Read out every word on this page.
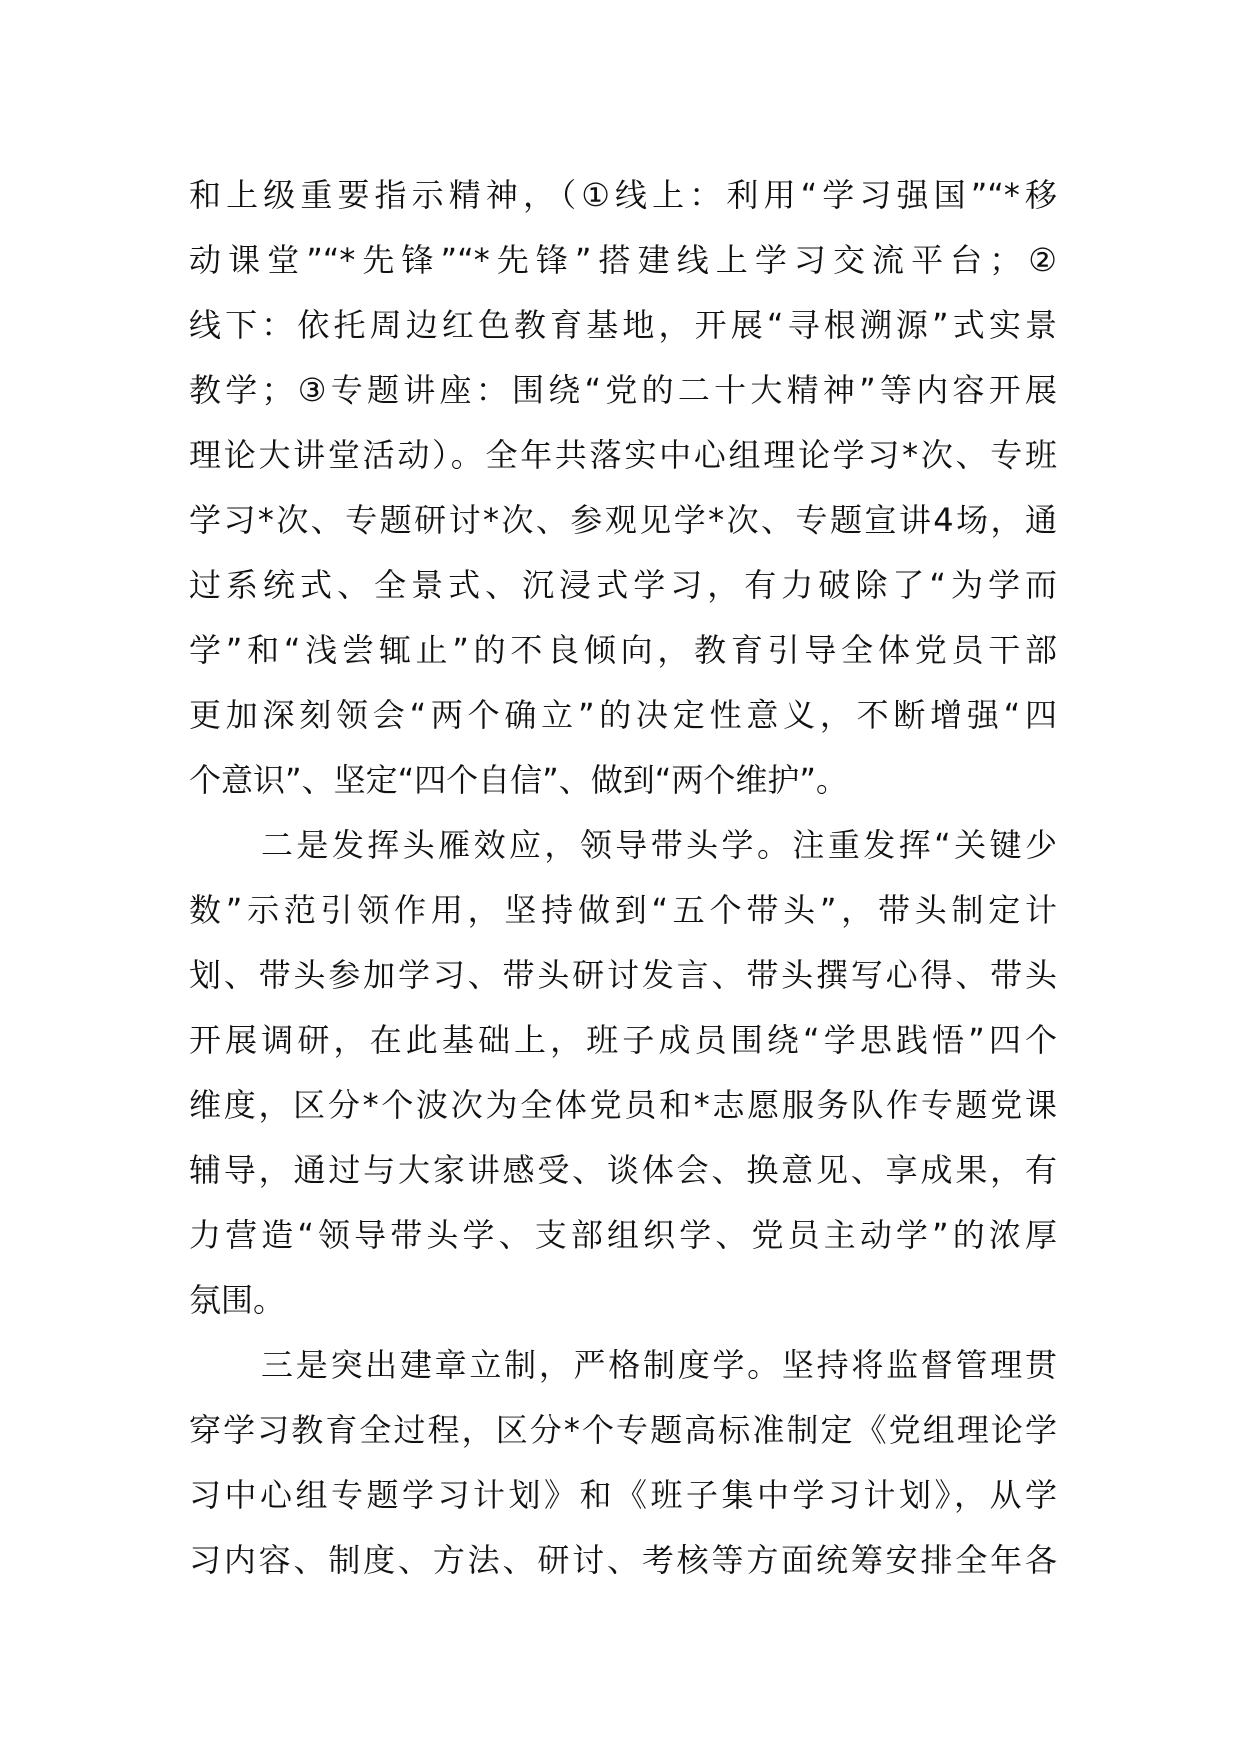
和上级重要指示精神，（①线上：利用“学习强国”“*移
动课堂”“*先锋”“*先锋”搭建线上学习交流平台；②
线下：依托周边红色教育基地，开展“寻根溯源”式实景
教学；③专题讲座：围绕“党的二十大精神”等内容开展
理论大讲堂活动）。全年共落实中心组理论学习*次、专班
学习*次、专题研讨*次、参观见学*次、专题宣讲4场，通
过系统式、全景式、沉浸式学习，有力破除了“为学而
学”和“浅尝辄止”的不良倾向，教育引导全体党员干部
更加深刻领会“两个确立”的决定性意义，不断增强“四
个意识”、坚定“四个自信”、做到“两个维护”。
二是发挥头雁效应，领导带头学。注重发挥“关键少
数”示范引领作用，坚持做到“五个带头”，带头制定计
划、带头参加学习、带头研讨发言、带头撰写心得、带头
开展调研，在此基础上，班子成员围绕“学思践悟”四个
维度，区分*个波次为全体党员和*志愿服务队作专题党课
辅导，通过与大家讲感受、谈体会、换意见、享成果，有
力营造“领导带头学、支部组织学、党员主动学”的浓厚
氛围。
三是突出建章立制，严格制度学。坚持将监督管理贯
穿学习教育全过程，区分*个专题高标准制定《党组理论学
习中心组专题学习计划》和《班子集中学习计划》，从学
习内容、制度、方法、研讨、考核等方面统筹安排全年各
